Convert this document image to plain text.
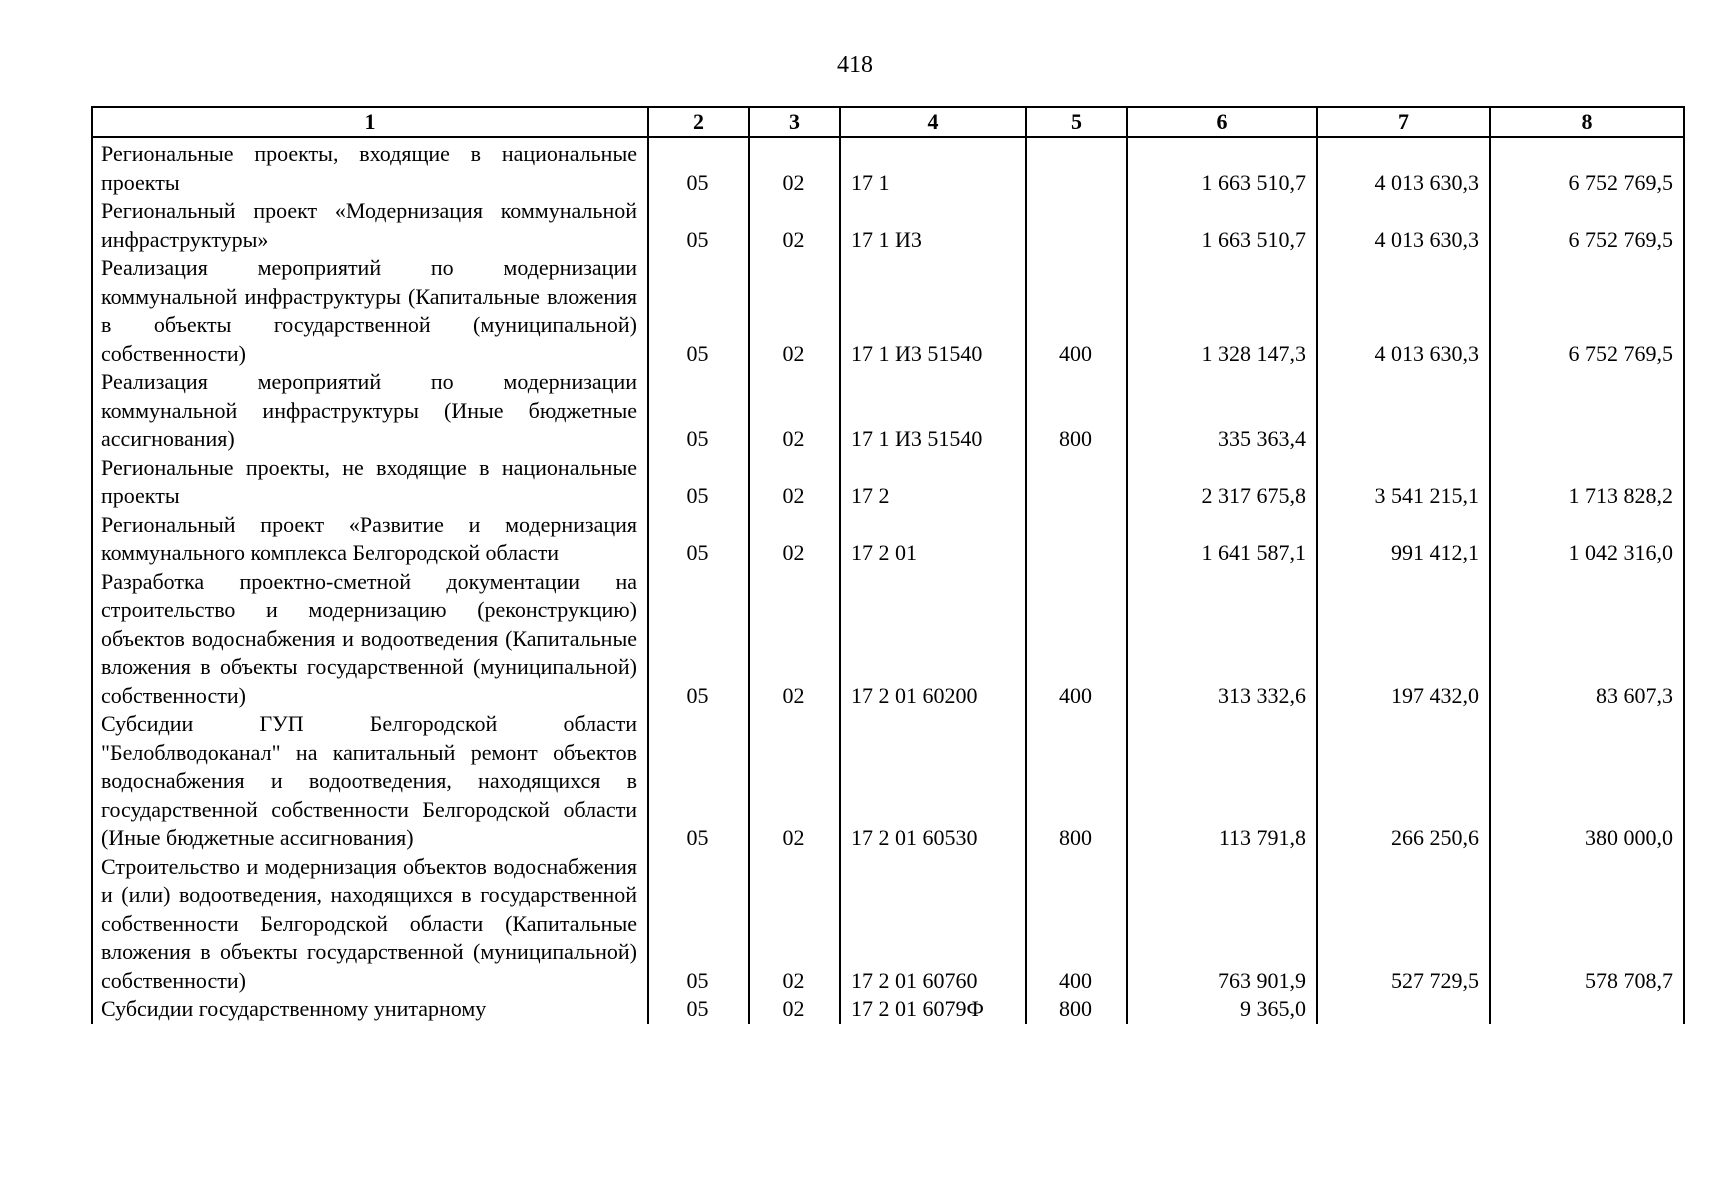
418
1	2	3	4	5	6	7	8
Региональные проекты, входящие в национальные проекты	05	02	17 1		1 663 510,7	4 013 630,3	6 752 769,5
Региональный проект «Модернизация коммунальной инфраструктуры»	05	02	17 1 И3		1 663 510,7	4 013 630,3	6 752 769,5
Реализация мероприятий по модернизации коммунальной инфраструктуры (Капитальные вложения в объекты государственной (муниципальной) собственности)	05	02	17 1 И3 51540	400	1 328 147,3	4 013 630,3	6 752 769,5
Реализация мероприятий по модернизации коммунальной инфраструктуры (Иные бюджетные ассигнования)	05	02	17 1 И3 51540	800	335 363,4		
Региональные проекты, не входящие в национальные проекты	05	02	17 2		2 317 675,8	3 541 215,1	1 713 828,2
Региональный проект «Развитие и модернизация коммунального комплекса Белгородской области	05	02	17 2 01		1 641 587,1	991 412,1	1 042 316,0
Разработка проектно-сметной документации на строительство и модернизацию (реконструкцию) объектов водоснабжения и водоотведения (Капитальные вложения в объекты государственной (муниципальной) собственности)	05	02	17 2 01 60200	400	313 332,6	197 432,0	83 607,3
Субсидии ГУП Белгородской области "Белоблводоканал" на капитальный ремонт объектов водоснабжения и водоотведения, находящихся в государственной собственности Белгородской области (Иные бюджетные ассигнования)	05	02	17 2 01 60530	800	113 791,8	266 250,6	380 000,0
Строительство и модернизация объектов водоснабжения и (или) водоотведения, находящихся в государственной собственности Белгородской области (Капитальные вложения в объекты государственной (муниципальной) собственности)	05	02	17 2 01 60760	400	763 901,9	527 729,5	578 708,7
Субсидии государственному унитарному	05	02	17 2 01 6079Ф	800	9 365,0		
